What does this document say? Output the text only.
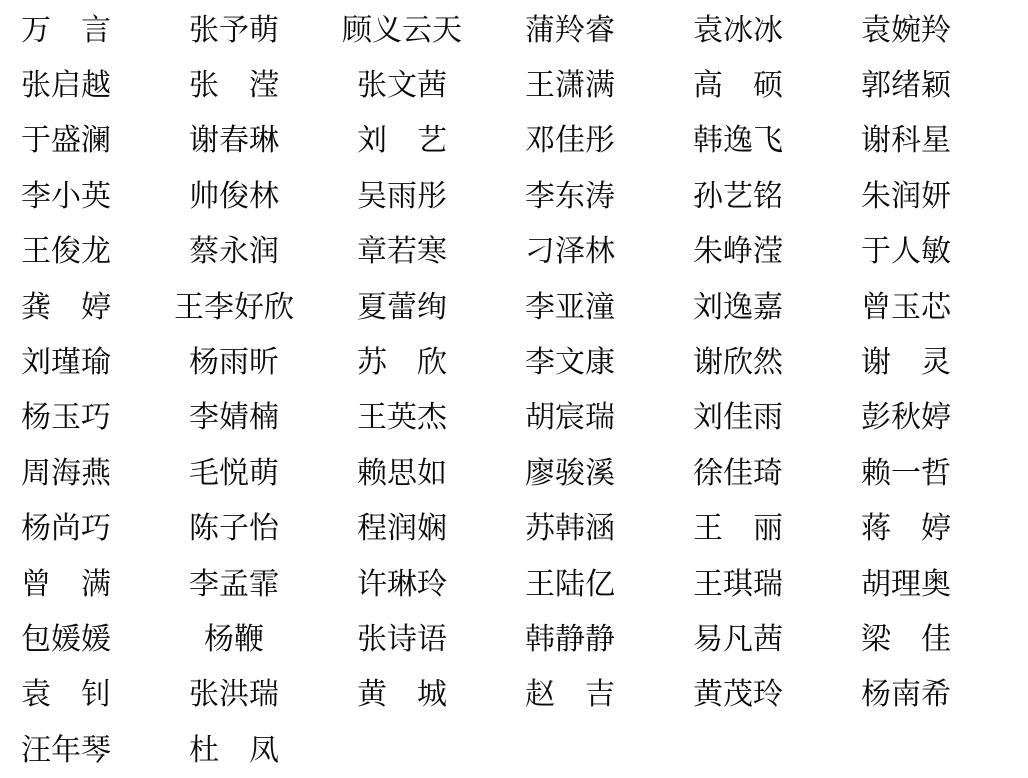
万　言	张予萌	顾义云天	蒲羚睿	袁冰冰	袁婉羚
张启越	张　滢	张文茜	王潇满	高　硕	郭绪颖
于盛澜	谢春琳	刘　艺	邓佳彤	韩逸飞	谢科星
李小英	帅俊林	吴雨彤	李东涛	孙艺铭	朱润妍
王俊龙	蔡永润	章若寒	刁泽林	朱峥滢	于人敏
龚　婷	王李好欣	夏蕾绚	李亚潼	刘逸嘉	曾玉芯
刘瑾瑜	杨雨昕	苏　欣	李文康	谢欣然	谢　灵
杨玉巧	李婧楠	王英杰	胡宸瑞	刘佳雨	彭秋婷
周海燕	毛悦萌	赖思如	廖骏溪	徐佳琦	赖一哲
杨尚巧	陈子怡	程润娴	苏韩涵	王　丽	蒋　婷
曾　满	李孟霏	许琳玲	王陆亿	王琪瑞	胡理奥
包媛媛	杨鞭	张诗语	韩静静	易凡茜	梁　佳
袁　钊	张洪瑞	黄　城	赵　吉	黄茂玲	杨南希
汪年琴	杜　凤
